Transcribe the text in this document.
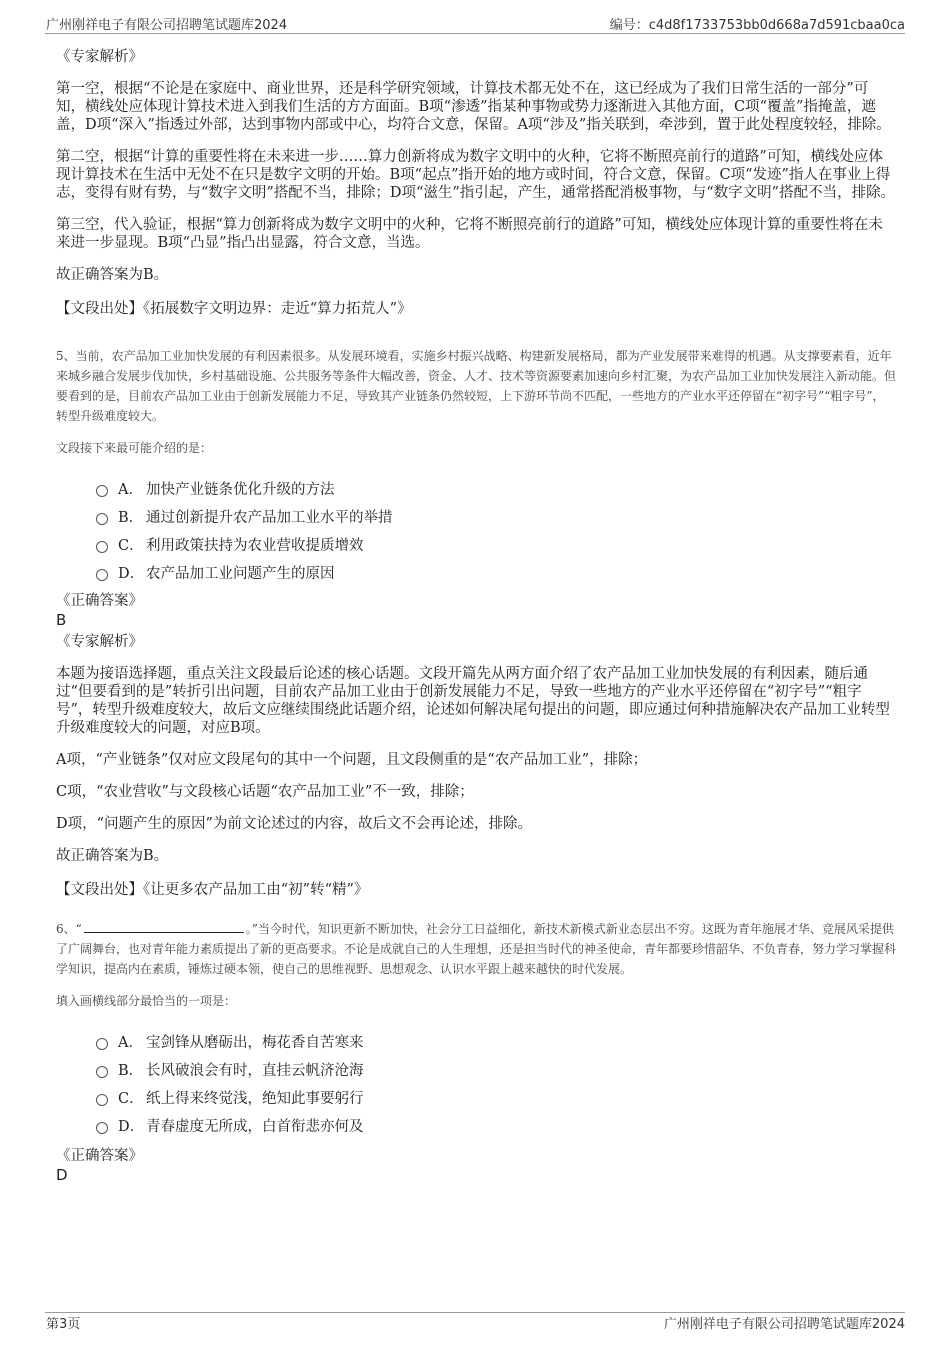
广州刚祥电子有限公司招聘笔试题库2024	编号：c4d8f1733753bb0d668a7d591cbaa0ca

《专家解析》

第一空，根据“不论是在家庭中、商业世界，还是科学研究领域，计算技术都无处不在，这已经成为了我们日常生活的一部分”可知，横线处应体现计算技术进入到我们生活的方方面面。B项“渗透”指某种事物或势力逐渐进入其他方面，C项“覆盖”指掩盖，遮盖，D项“深入”指透过外部，达到事物内部或中心，均符合文意，保留。A项“涉及”指关联到，牵涉到，置于此处程度较轻，排除。

第二空，根据“计算的重要性将在未来进一步……算力创新将成为数字文明中的火种，它将不断照亮前行的道路”可知，横线处应体现计算技术在生活中无处不在只是数字文明的开始。B项“起点”指开始的地方或时间，符合文意，保留。C项“发迹”指人在事业上得志，变得有财有势，与“数字文明”搭配不当，排除；D项“滋生”指引起，产生，通常搭配消极事物，与“数字文明”搭配不当，排除。

第三空，代入验证，根据“算力创新将成为数字文明中的火种，它将不断照亮前行的道路”可知，横线处应体现计算的重要性将在未来进一步显现。B项“凸显”指凸出显露，符合文意，当选。

故正确答案为B。

【文段出处】《拓展数字文明边界：走近“算力拓荒人”》

5、当前，农产品加工业加快发展的有利因素很多。从发展环境看，实施乡村振兴战略、构建新发展格局，都为产业发展带来难得的机遇。从支撑要素看，近年来城乡融合发展步伐加快，乡村基础设施、公共服务等条件大幅改善，资金、人才、技术等资源要素加速向乡村汇聚，为农产品加工业加快发展注入新动能。但要看到的是，目前农产品加工业由于创新发展能力不足，导致其产业链条仍然较短，上下游环节尚不匹配，一些地方的产业水平还停留在“初字号”“粗字号”，转型升级难度较大。

文段接下来最可能介绍的是：

A． 加快产业链条优化升级的方法
B． 通过创新提升农产品加工业水平的举措
C． 利用政策扶持为农业营收提质增效
D． 农产品加工业问题产生的原因

《正确答案》

B

《专家解析》

本题为接语选择题，重点关注文段最后论述的核心话题。文段开篇先从两方面介绍了农产品加工业加快发展的有利因素，随后通过“但要看到的是”转折引出问题，目前农产品加工业由于创新发展能力不足，导致一些地方的产业水平还停留在“初字号”“粗字号”，转型升级难度较大，故后文应继续围绕此话题介绍，论述如何解决尾句提出的问题，即应通过何种措施解决农产品加工业转型升级难度较大的问题，对应B项。

A项，“产业链条”仅对应文段尾句的其中一个问题，且文段侧重的是“农产品加工业”，排除；

C项，“农业营收”与文段核心话题“农产品加工业”不一致，排除；

D项，“问题产生的原因”为前文论述过的内容，故后文不会再论述，排除。

故正确答案为B。

【文段出处】《让更多农产品加工由“初”转“精”》

6、“	。”当今时代，知识更新不断加快，社会分工日益细化，新技术新模式新业态层出不穷。这既为青年施展才华、竞展风采提供了广阔舞台，也对青年能力素质提出了新的更高要求。不论是成就自己的人生理想，还是担当时代的神圣使命，青年都要珍惜韶华、不负青春，努力学习掌握科学知识，提高内在素质，锤炼过硬本领，使自己的思维视野、思想观念、认识水平跟上越来越快的时代发展。

填入画横线部分最恰当的一项是：

A． 宝剑锋从磨砺出，梅花香自苦寒来
B． 长风破浪会有时，直挂云帆济沧海
C． 纸上得来终觉浅，绝知此事要躬行
D． 青春虚度无所成，白首衔悲亦何及

《正确答案》

D

第3页	广州刚祥电子有限公司招聘笔试题库2024
